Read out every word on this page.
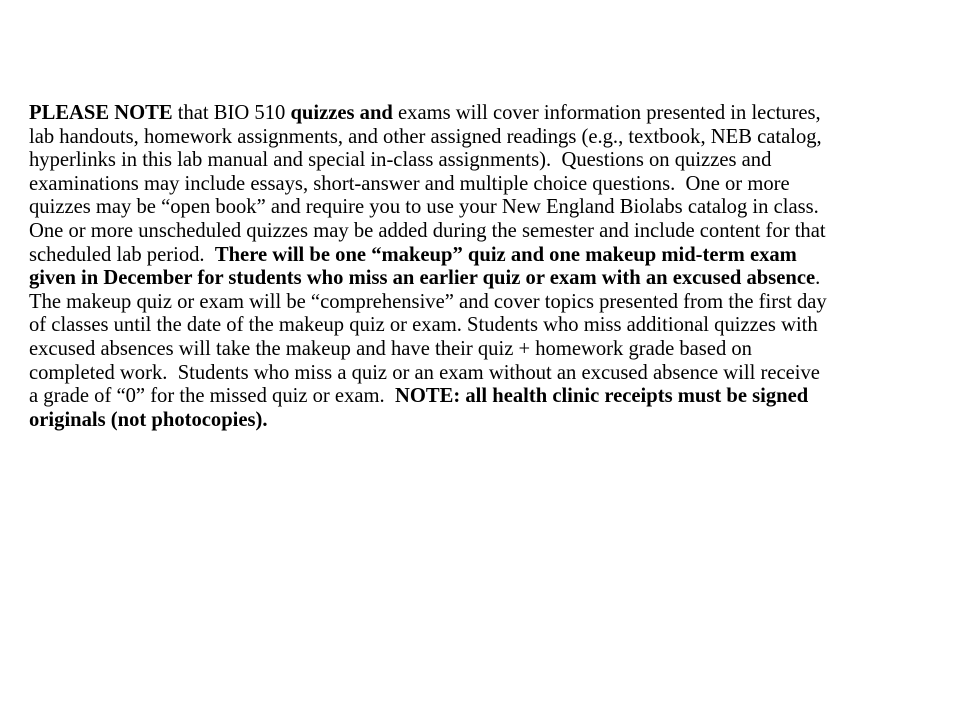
PLEASE NOTE that BIO 510 quizzes and exams will cover information presented in lectures,
lab handouts, homework assignments, and other assigned readings (e.g., textbook, NEB catalog,
hyperlinks in this lab manual and special in-class assignments).  Questions on quizzes and
examinations may include essays, short-answer and multiple choice questions.  One or more
quizzes may be “open book” and require you to use your New England Biolabs catalog in class.
One or more unscheduled quizzes may be added during the semester and include content for that
scheduled lab period.  There will be one “makeup” quiz and one makeup mid-term exam
given in December for students who miss an earlier quiz or exam with an excused absence.
The makeup quiz or exam will be “comprehensive” and cover topics presented from the first day
of classes until the date of the makeup quiz or exam. Students who miss additional quizzes with
excused absences will take the makeup and have their quiz + homework grade based on
completed work.  Students who miss a quiz or an exam without an excused absence will receive
a grade of “0” for the missed quiz or exam.  NOTE: all health clinic receipts must be signed
originals (not photocopies).
